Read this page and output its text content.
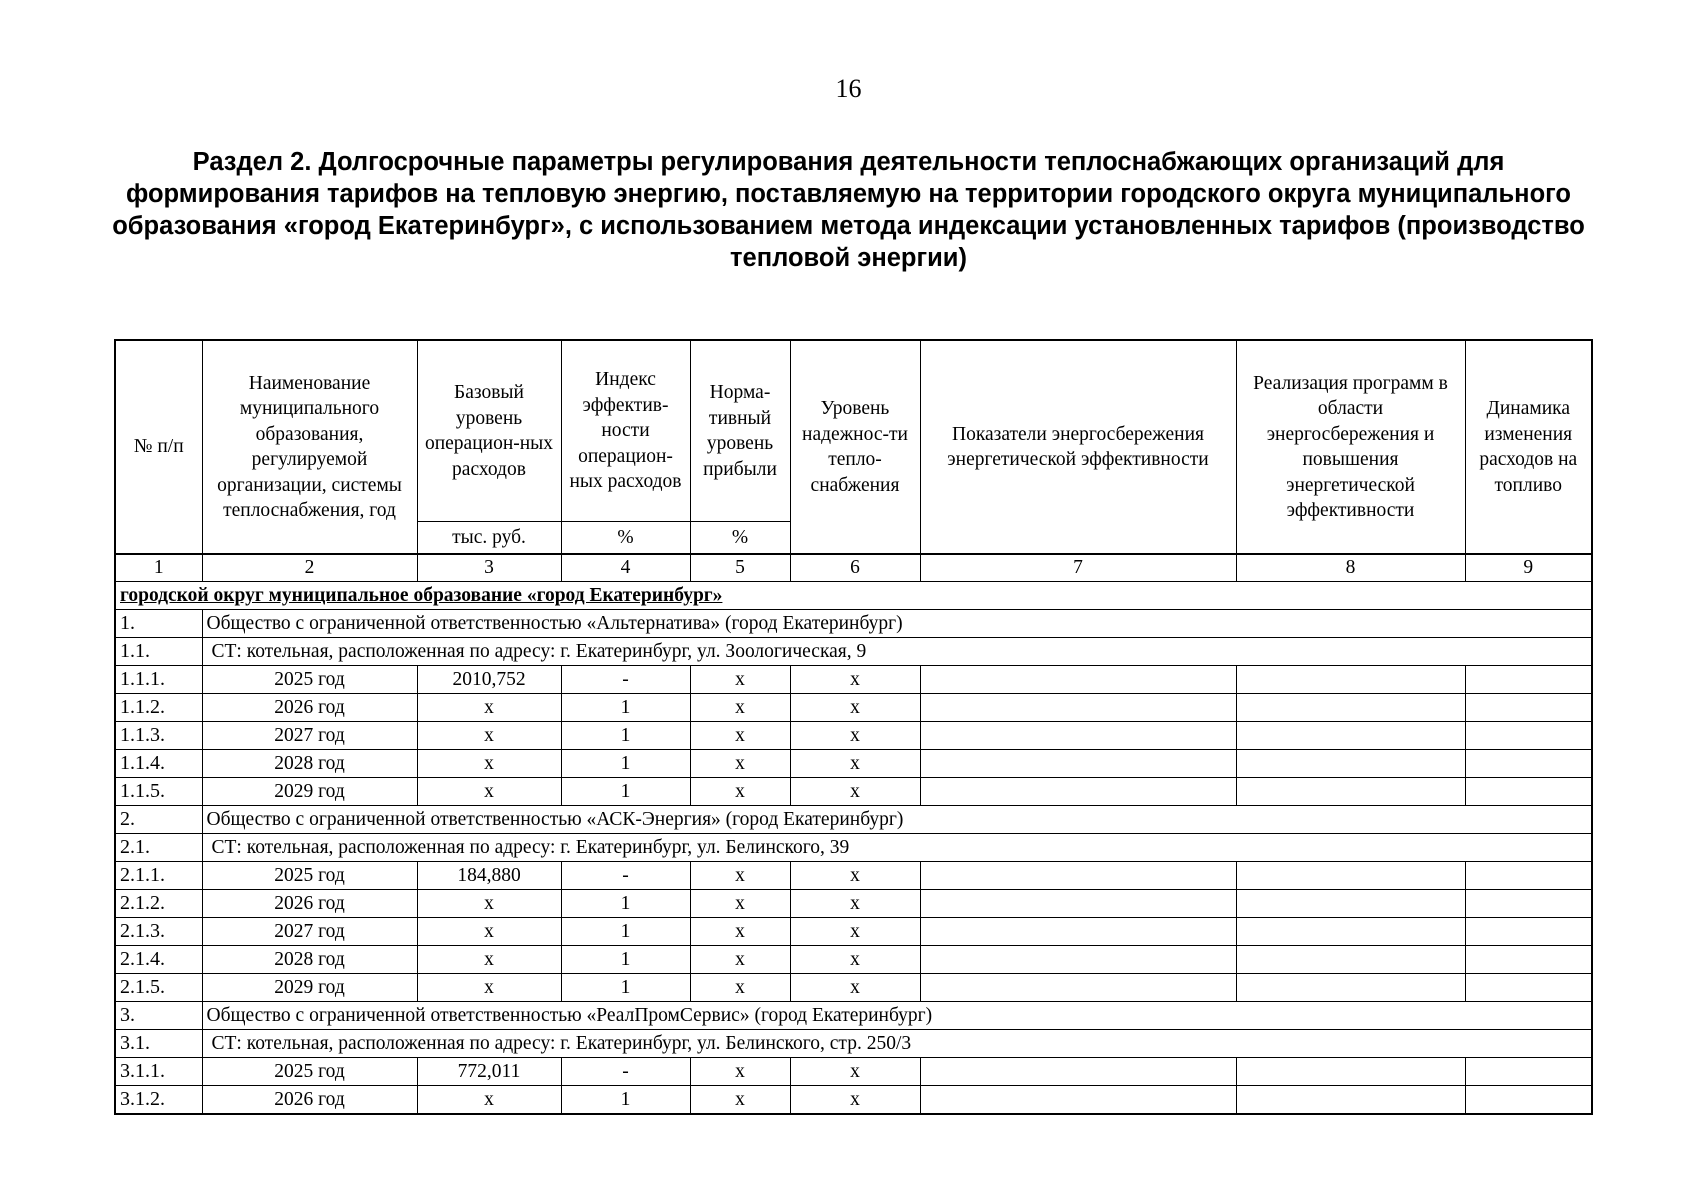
16
Раздел 2. Долгосрочные параметры регулирования деятельности теплоснабжающих организаций для формирования тарифов на тепловую энергию, поставляемую на территории городского округа муниципального образования «город Екатеринбург», с использованием метода индексации установленных тарифов (производство тепловой энергии)
№ п/п	Наименование муниципального образования, регулируемой организации, системы теплоснабжения, год	Базовый уровень операцион-ных расходов	Индекс эффектив-ности операцион-ных расходов	Норма-тивный уровень прибыли	Уровень надежнос-ти тепло-снабжения	Показатели энергосбережения энергетической эффективности	Реализация программ в области энергосбережения и повышения энергетической эффективности	Динамика изменения расходов на топливо
		тыс. руб.	%	%				
1	2	3	4	5	6	7	8	9
городской округ муниципальное образование «город Екатеринбург»								
1.	Общество с ограниченной ответственностью «Альтернатива» (город Екатеринбург)							
1.1.	СТ: котельная, расположенная по адресу: г. Екатеринбург, ул. Зоологическая, 9							
1.1.1.	2025 год	2010,752	-	х	х			
1.1.2.	2026 год	х	1	х	х			
1.1.3.	2027 год	х	1	х	х			
1.1.4.	2028 год	х	1	х	х			
1.1.5.	2029 год	х	1	х	х			
2.	Общество с ограниченной ответственностью «АСК-Энергия» (город Екатеринбург)							
2.1.	СТ: котельная, расположенная по адресу: г. Екатеринбург, ул. Белинского, 39							
2.1.1.	2025 год	184,880	-	х	х			
2.1.2.	2026 год	х	1	х	х			
2.1.3.	2027 год	х	1	х	х			
2.1.4.	2028 год	х	1	х	х			
2.1.5.	2029 год	х	1	х	х			
3.	Общество с ограниченной ответственностью «РеалПромСервис» (город Екатеринбург)							
3.1.	СТ: котельная, расположенная по адресу: г. Екатеринбург, ул. Белинского, стр. 250/3							
3.1.1.	2025 год	772,011	-	х	х			
3.1.2.	2026 год	х	1	х	х			
